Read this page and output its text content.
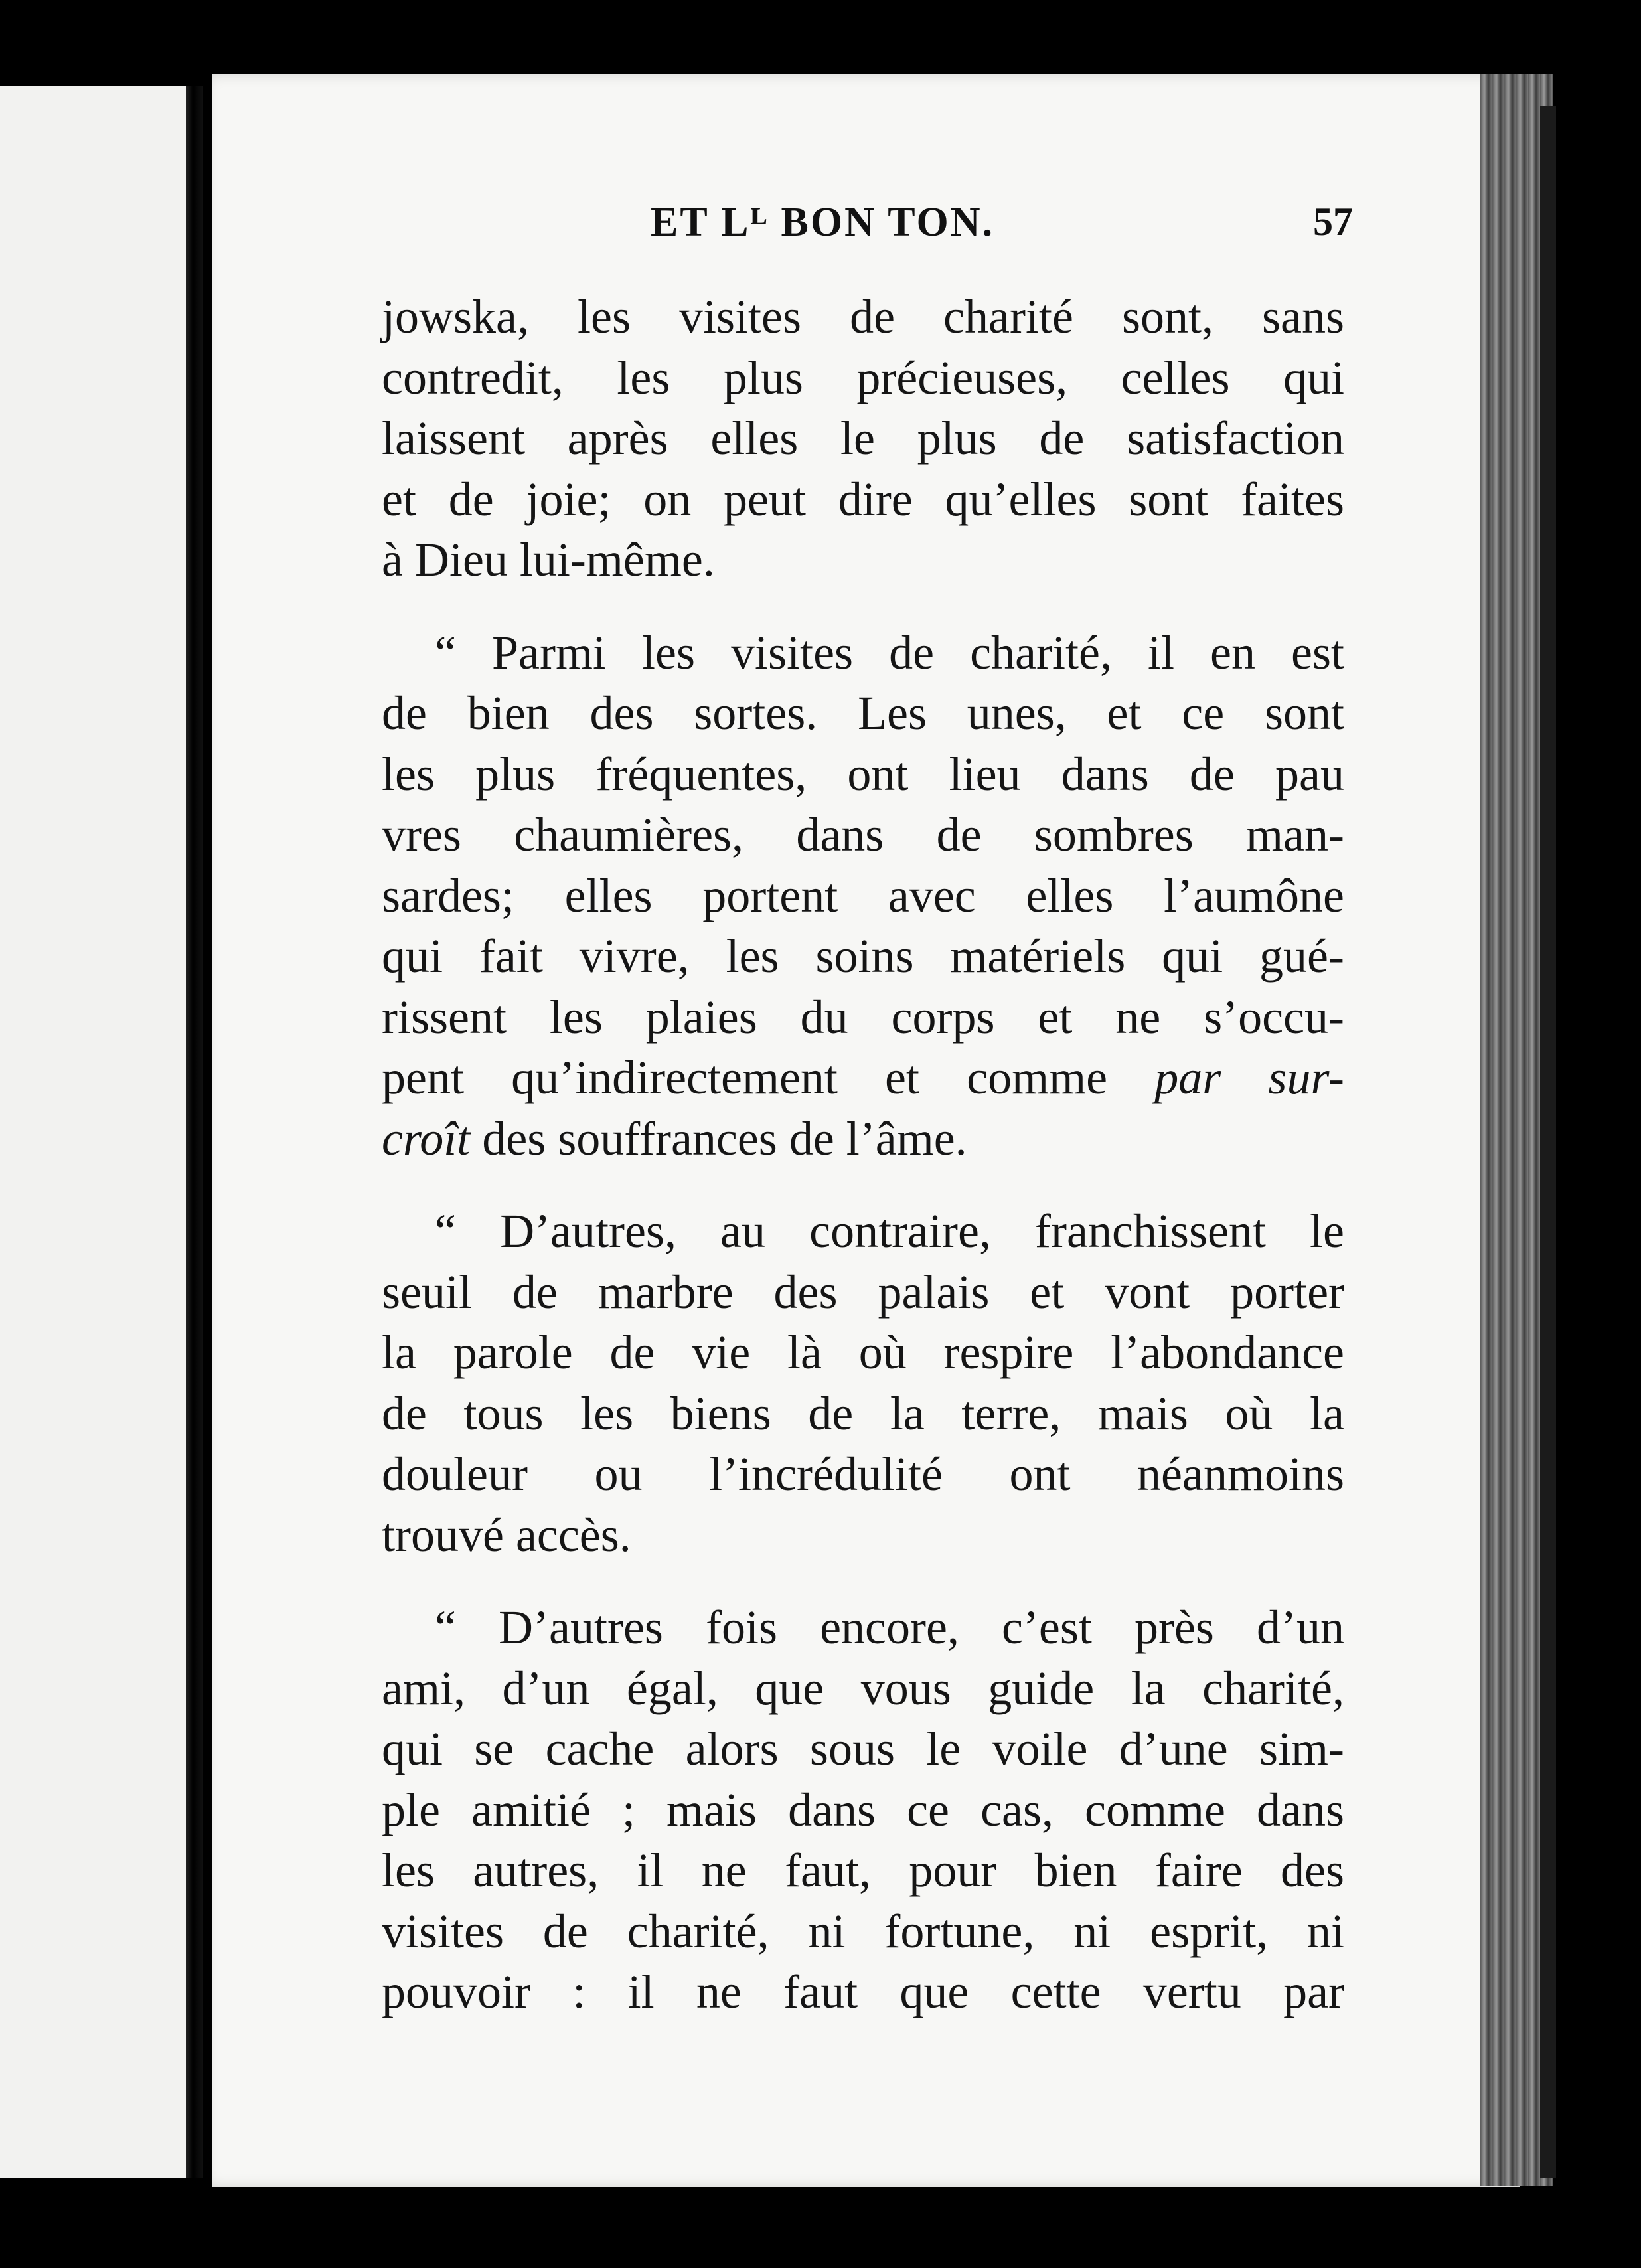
ET Lᴸ BON TON.	57
jowska, les visites de charité sont, sans
contredit, les plus précieuses, celles qui
laissent après elles le plus de satisfaction
et de joie; on peut dire qu’elles sont faites
à Dieu lui-même.
“ Parmi les visites de charité, il en est
de bien des sortes. Les unes, et ce sont
les plus fréquentes, ont lieu dans de pau
vres chaumières, dans de sombres man-
sardes; elles portent avec elles l’aumône
qui fait vivre, les soins matériels qui gué-
rissent les plaies du corps et ne s’occu-
pent qu’indirectement et comme par sur-
croît des souffrances de l’âme.
“ D’autres, au contraire, franchissent le
seuil de marbre des palais et vont porter
la parole de vie là où respire l’abondance
de tous les biens de la terre, mais où la
douleur ou l’incrédulité ont néanmoins
trouvé accès.
“ D’autres fois encore, c’est près d’un
ami, d’un égal, que vous guide la charité,
qui se cache alors sous le voile d’une sim-
ple amitié ; mais dans ce cas, comme dans
les autres, il ne faut, pour bien faire des
visites de charité, ni fortune, ni esprit, ni
pouvoir : il ne faut que cette vertu par
